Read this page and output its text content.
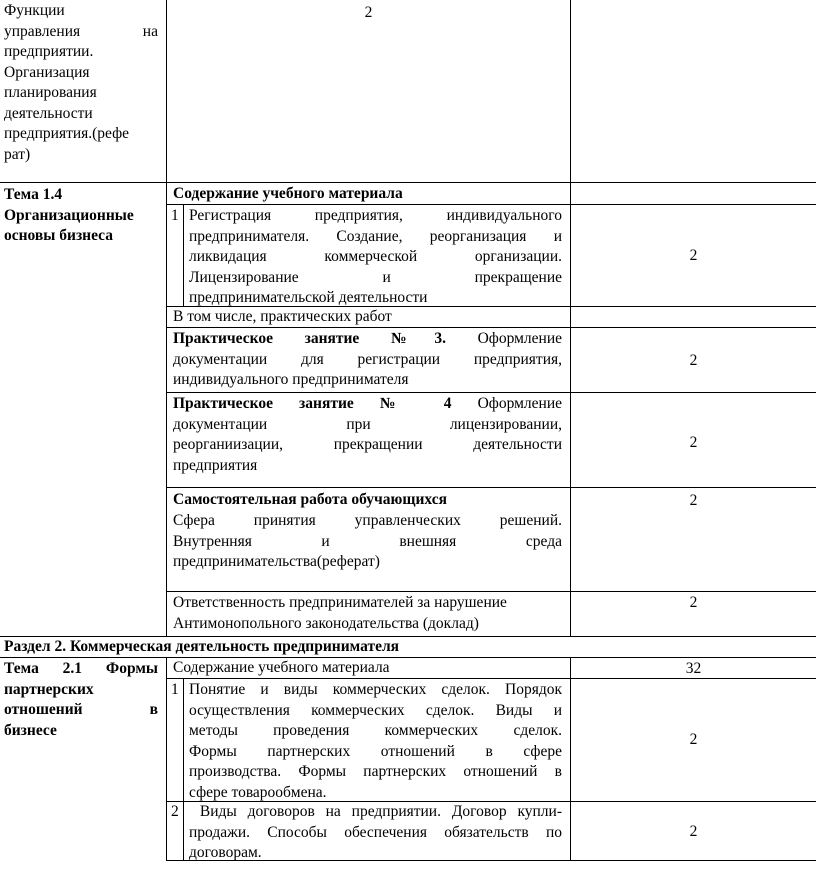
Функции
управления на
предприятии.
Организация
планирования
деятельности
предприятия.(рефе
рат)
2
Тема 1.4
Организационные
основы бизнеса
Содержание учебного материала
1 Регистрация предприятия, индивидуального
предпринимателя. Создание, реорганизация и
ликвидация коммерческой организации.
Лицензирование и прекращение
предпринимательской деятельности
2
В том числе, практических работ
Практическое занятие №3. Оформление
документации для регистрации предприятия,
индивидуального предпринимателя
2
Практическое занятие № 4 Оформление
документации при лицензировании,
реорганиизации, прекращении деятельности
предприятия
2
Самостоятельная работа обучающихся
Сфера принятия управленческих решений.
Внутренняя и внешняя среда
предпринимательства(реферат)
2
Ответственность предпринимателей за нарушение
Антимонопольного законодательства (доклад)
2
Раздел 2. Коммерческая деятельность предпринимателя
Тема 2.1 Формы
партнерских
отношений в
бизнесе
Содержание учебного материала	32
1 Понятие и виды коммерческих сделок. Порядок
осуществления коммерческих сделок. Виды и
методы проведения коммерческих сделок.
Формы партнерских отношений в сфере
производства. Формы партнерских отношений в
сфере товарообмена.
2
2 Виды договоров на предприятии. Договор купли-
продажи. Способы обеспечения обязательств по
договорам.
2
